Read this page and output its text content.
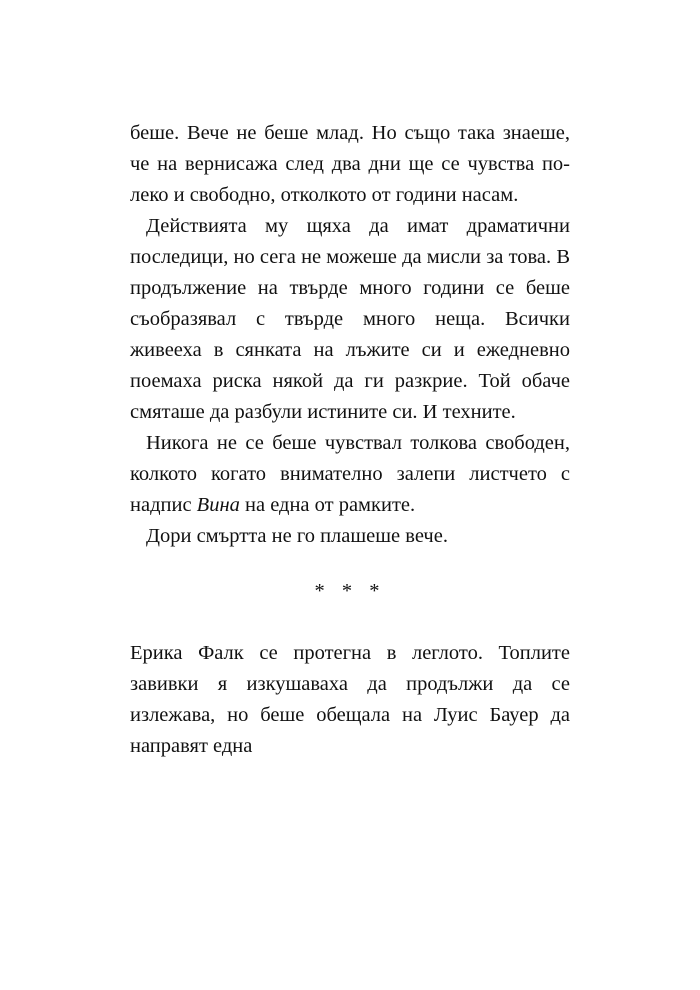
беше. Вече не беше млад. Но също така знаеше, че на вернисажа след два дни ще се чувства по-леко и свободно, отколкото от години насам.

Действията му щяха да имат драматични последици, но сега не можеше да мисли за това. В продължение на твърде много години се беше съобразявал с твърде много неща. Всички живееха в сянката на лъжите си и ежедневно поемаха риска някой да ги разкрие. Той обаче смяташе да разбули истините си. И техните.

Никога не се беше чувствал толкова свободен, колкото когато внимателно залепи листчето с надпис Вина на една от рамките.

Дори смъртта не го плашеше вече.

* * *

Ерика Фалк се протегна в леглото. Топлите завивки я изкушаваха да продължи да се излежава, но беше обещала на Луис Бауер да направят една
